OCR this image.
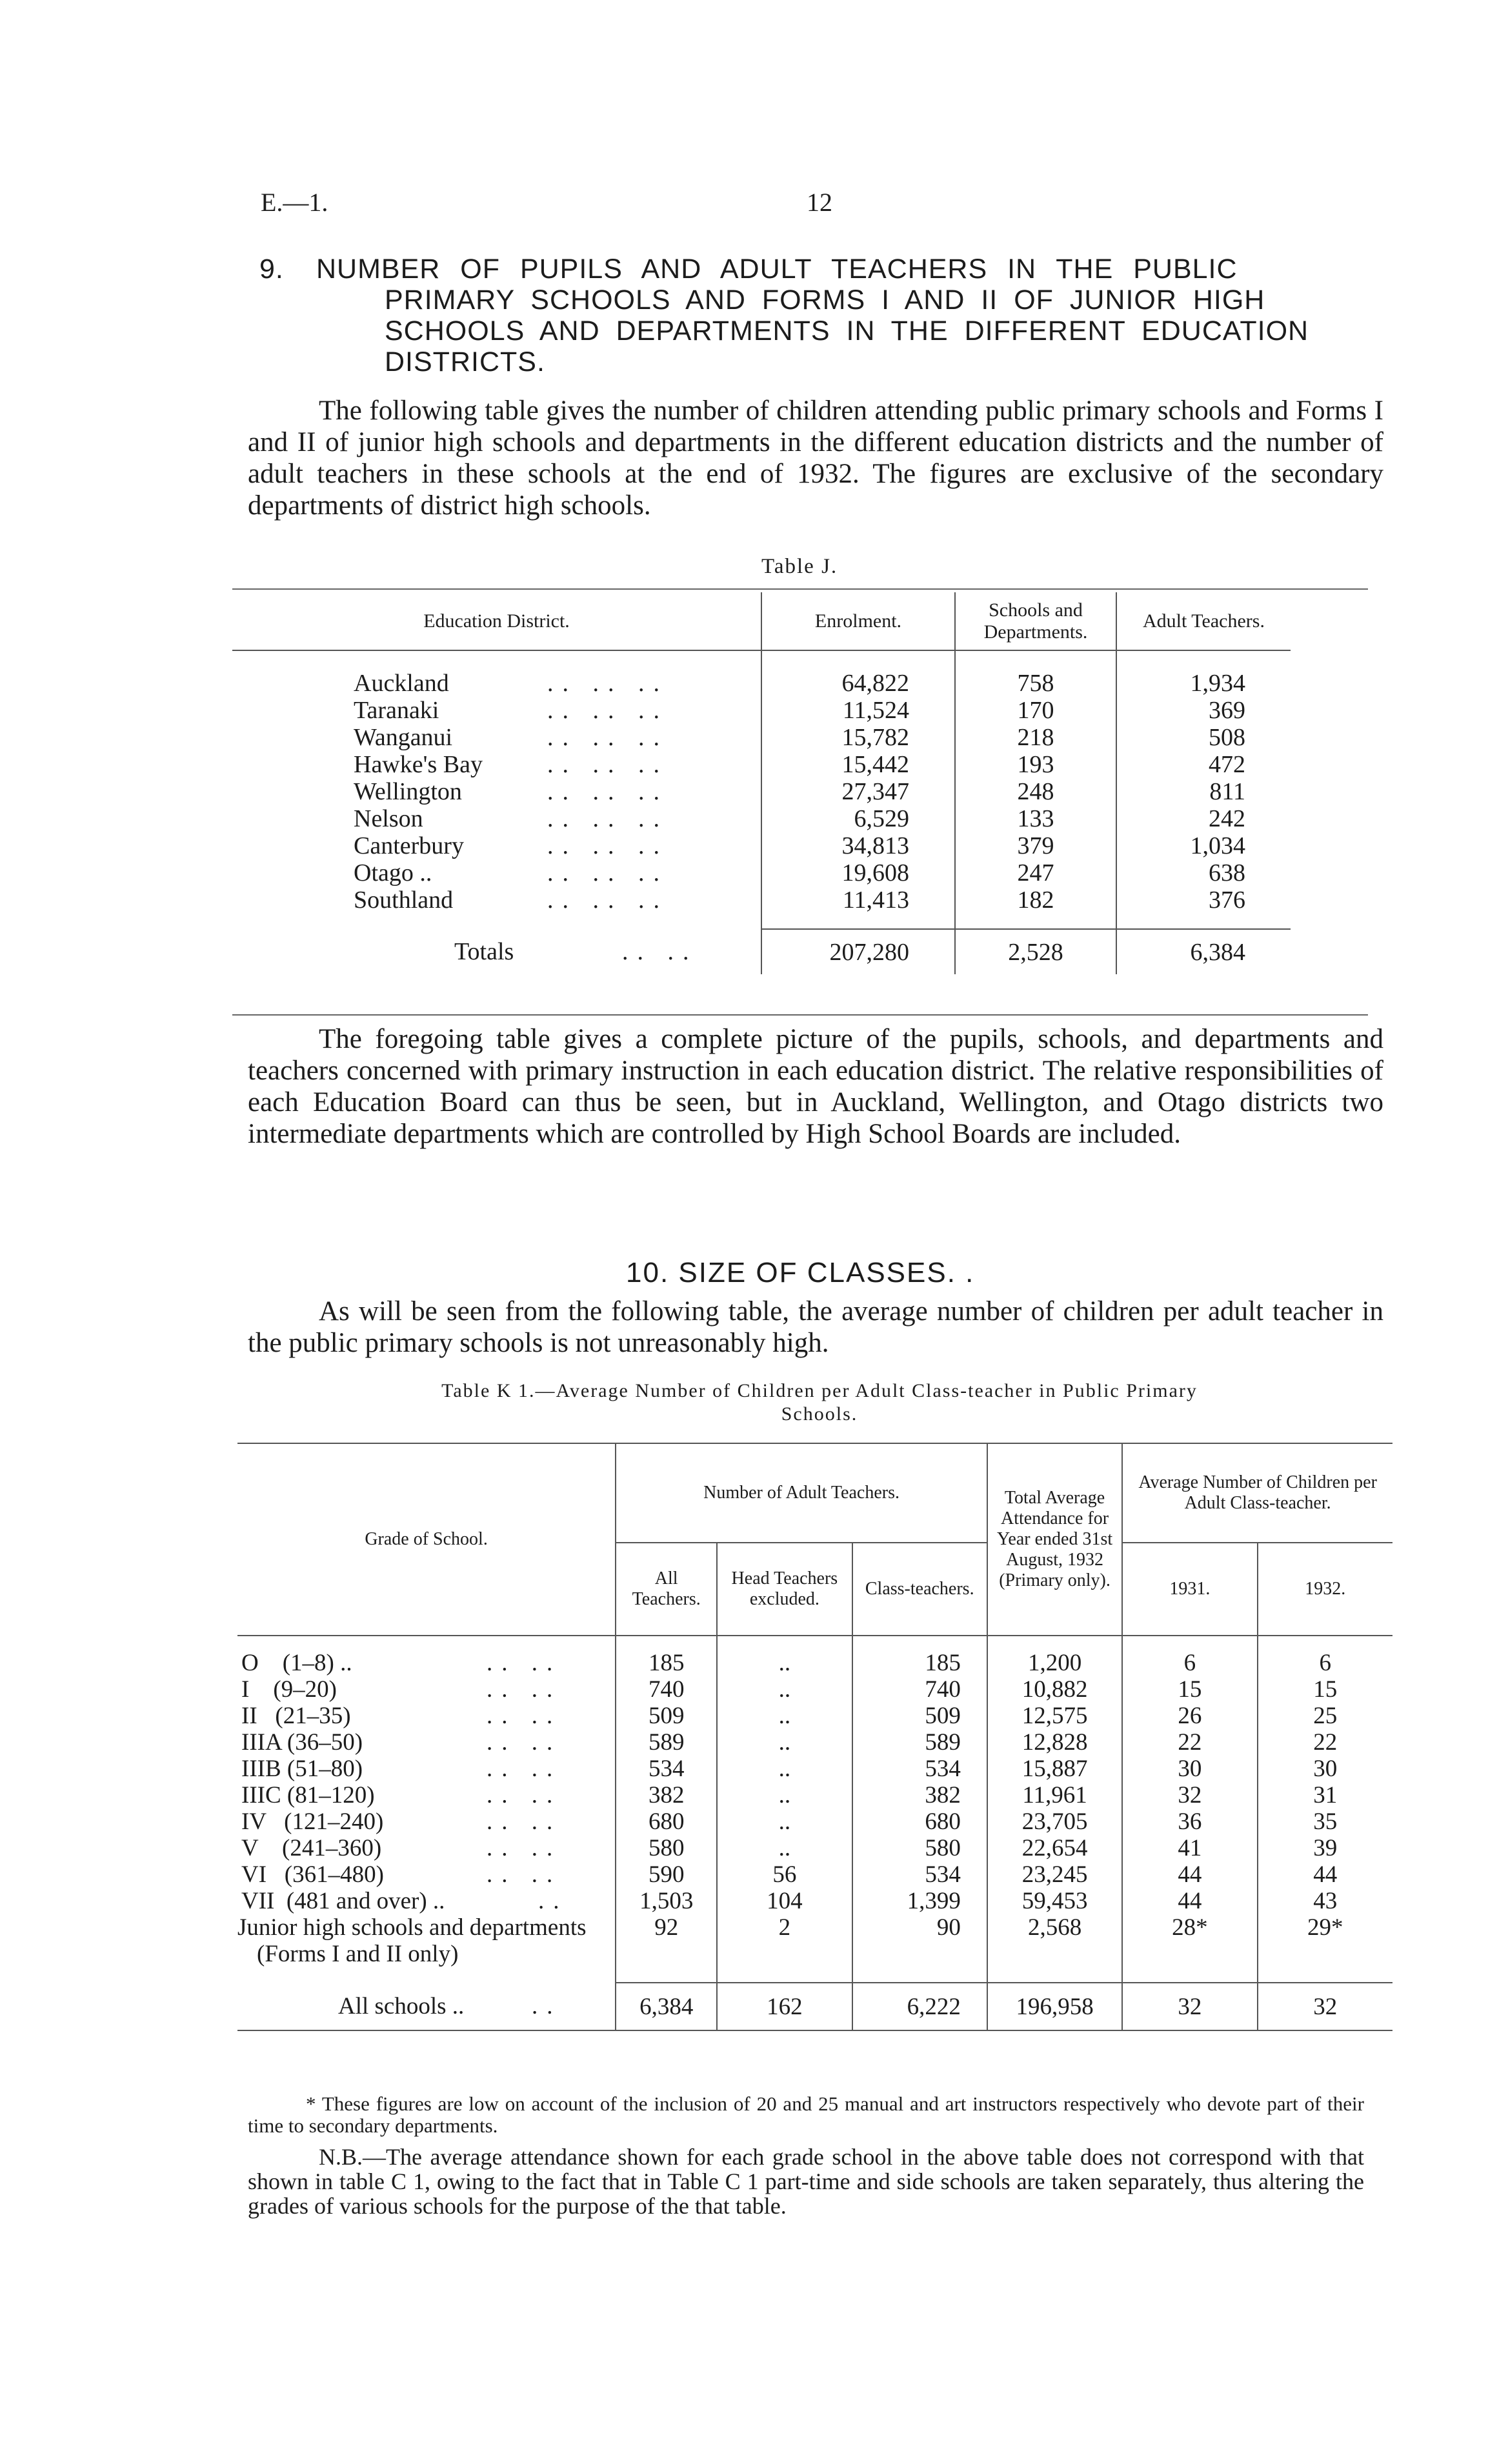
E.—1.	12
9. NUMBER OF PUPILS AND ADULT TEACHERS IN THE PUBLIC
PRIMARY SCHOOLS AND FORMS I AND II OF JUNIOR HIGH SCHOOLS AND DEPARTMENTS IN THE DIFFERENT EDUCATION DISTRICTS.
The following table gives the number of children attending public primary schools and Forms I and II of junior high schools and departments in the different education districts and the number of adult teachers in these schools at the end of 1932. The figures are exclusive of the secondary departments of district high schools.
Table J.
Education District.	Enrolment.	Schools and Departments.	Adult Teachers.

Auckland .. .. ..	64,822	758	1,934
Taranaki .. .. ..	11,524	170	369
Wanganui .. .. ..	15,782	218	508
Hawke's Bay .. .. ..	15,442	193	472
Wellington .. .. ..	27,347	248	811
Nelson .. .. ..	6,529	133	242
Canterbury .. .. ..	34,813	379	1,034
Otago .. .. .. ..	19,608	247	638
Southland .. .. ..	11,413	182	376

Totals .. ..	207,280	2,528	6,384
The foregoing table gives a complete picture of the pupils, schools, and departments and teachers concerned with primary instruction in each education district. The relative responsibilities of each Education Board can thus be seen, but in Auckland, Wellington, and Otago districts two intermediate departments which are controlled by High School Boards are included.
10. SIZE OF CLASSES. .
As will be seen from the following table, the average number of children per adult teacher in the public primary schools is not unreasonably high.
Table K 1.—Average Number of Children per Adult Class-teacher in Public Primary
Schools.
Grade of School.	Number of Adult Teachers.			Total Average Attendance for Year ended 31st August, 1932 (Primary only).	Average Number of Children per Adult Class-teacher.	
	All Teachers.	Head Teachers excluded.	Class-teachers.		1931.	1932.

O    (1–8) .. .. ..	185	..	185	1,200	6	6
I    (9–20) .. ..	740	..	740	10,882	15	15
II   (21–35) .. ..	509	..	509	12,575	26	25
IIIA (36–50) .. ..	589	..	589	12,828	22	22
IIIB (51–80) .. ..	534	..	534	15,887	30	30
IIIC (81–120) .. ..	382	..	382	11,961	32	31
IV   (121–240) .. ..	680	..	680	23,705	36	35
V    (241–360) .. ..	580	..	580	22,654	41	39
VI   (361–480) .. ..	590	56	534	23,245	44	44
VII  (481 and over) .. ..	1,503	104	1,399	59,453	44	43
Junior high schools and departments (Forms I and II only)	92	2	90	2,568	28*	29*

All schools .. ..	6,384	162	6,222	196,958	32	32
* These figures are low on account of the inclusion of 20 and 25 manual and art instructors respectively who devote part of their time to secondary departments.
N.B.—The average attendance shown for each grade school in the above table does not correspond with that shown in table C 1, owing to the fact that in Table C 1 part-time and side schools are taken separately, thus altering the grades of various schools for the purpose of the that table.
